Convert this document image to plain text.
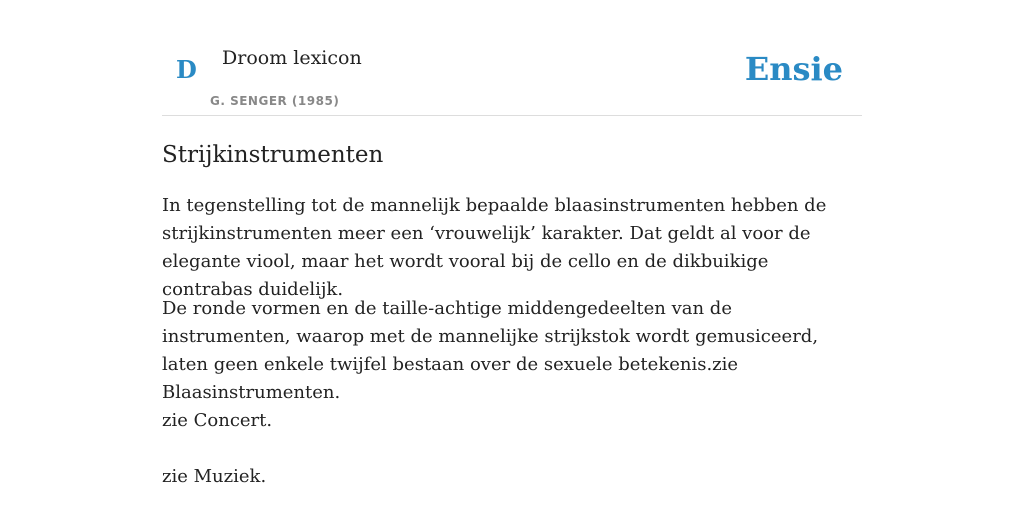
D Droom lexicon
G. SENGER (1985)
Ensie
Strijkinstrumenten

In tegenstelling tot de mannelijk bepaalde blaasinstrumenten hebben de strijkinstrumenten meer een ‘vrouwelijk’ karakter. Dat geldt al voor de elegante viool, maar het wordt vooral bij de cello en de dikbuikige contrabas duidelijk.

De ronde vormen en de taille-achtige middengedeelten van de instrumenten, waarop met de mannelijke strijkstok wordt gemusiceerd, laten geen enkele twijfel bestaan over de sexuele betekenis.zie Blaasinstrumenten.

zie Concert.

zie Muziek.
